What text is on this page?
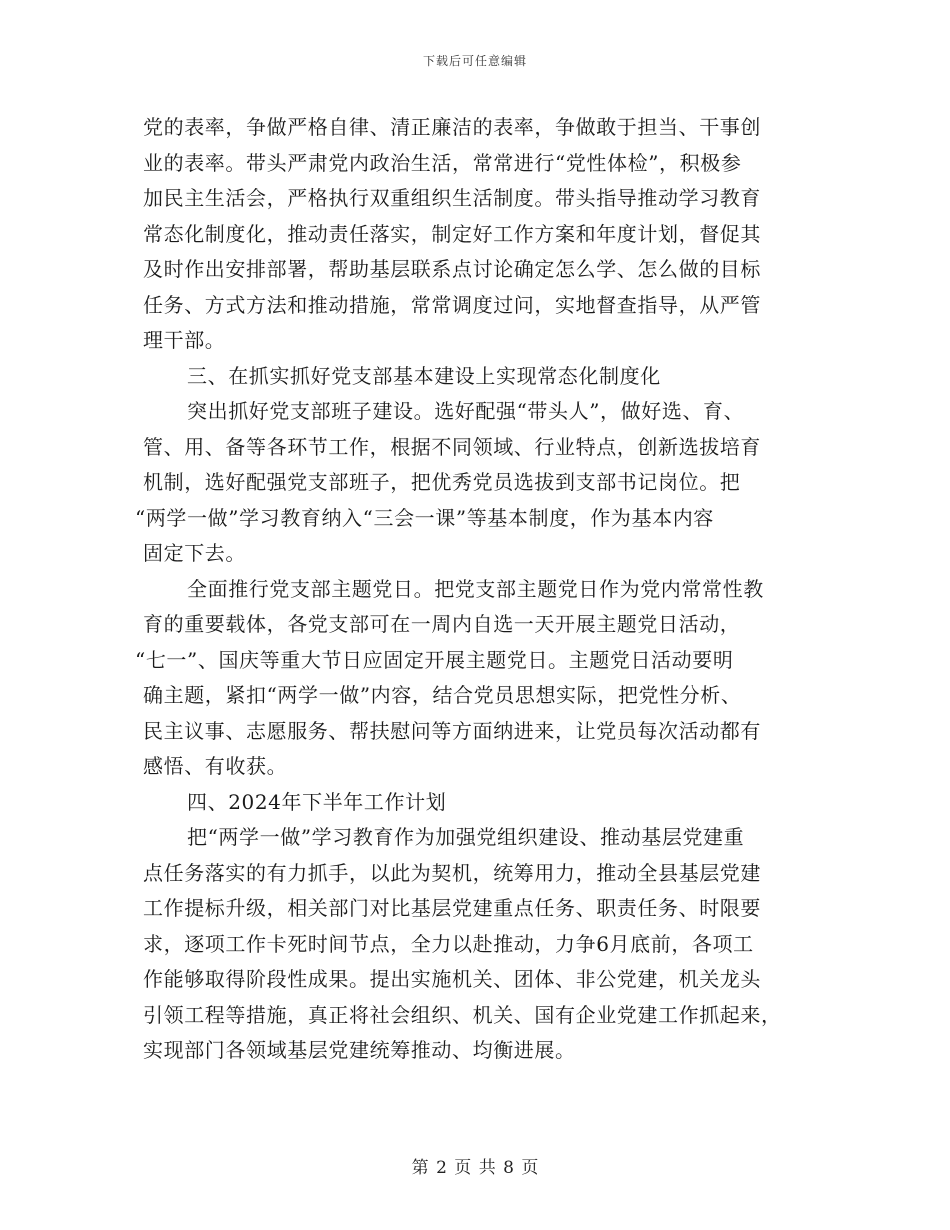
下载后可任意编辑
党的表率，争做严格自律、清正廉洁的表率，争做敢于担当、干事创
业的表率。带头严肃党内政治生活，常常进行“党性体检”，积极参
加民主生活会，严格执行双重组织生活制度。带头指导推动学习教育
常态化制度化，推动责任落实，制定好工作方案和年度计划，督促其
及时作出安排部署，帮助基层联系点讨论确定怎么学、怎么做的目标
任务、方式方法和推动措施，常常调度过问，实地督查指导，从严管
理干部。
三、在抓实抓好党支部基本建设上实现常态化制度化
突出抓好党支部班子建设。选好配强“带头人”，做好选、育、
管、用、备等各环节工作，根据不同领域、行业特点，创新选拔培育
机制，选好配强党支部班子，把优秀党员选拔到支部书记岗位。把
“两学一做”学习教育纳入“三会一课”等基本制度，作为基本内容
固定下去。
全面推行党支部主题党日。把党支部主题党日作为党内常常性教
育的重要载体，各党支部可在一周内自选一天开展主题党日活动，
“七一”、国庆等重大节日应固定开展主题党日。主题党日活动要明
确主题，紧扣“两学一做”内容，结合党员思想实际，把党性分析、
民主议事、志愿服务、帮扶慰问等方面纳进来，让党员每次活动都有
感悟、有收获。
四、2024年下半年工作计划
把“两学一做”学习教育作为加强党组织建设、推动基层党建重
点任务落实的有力抓手，以此为契机，统筹用力，推动全县基层党建
工作提标升级，相关部门对比基层党建重点任务、职责任务、时限要
求，逐项工作卡死时间节点，全力以赴推动，力争6月底前，各项工
作能够取得阶段性成果。提出实施机关、团体、非公党建，机关龙头
引领工程等措施，真正将社会组织、机关、国有企业党建工作抓起来，
实现部门各领域基层党建统筹推动、均衡进展。
第 2 页 共 8 页
